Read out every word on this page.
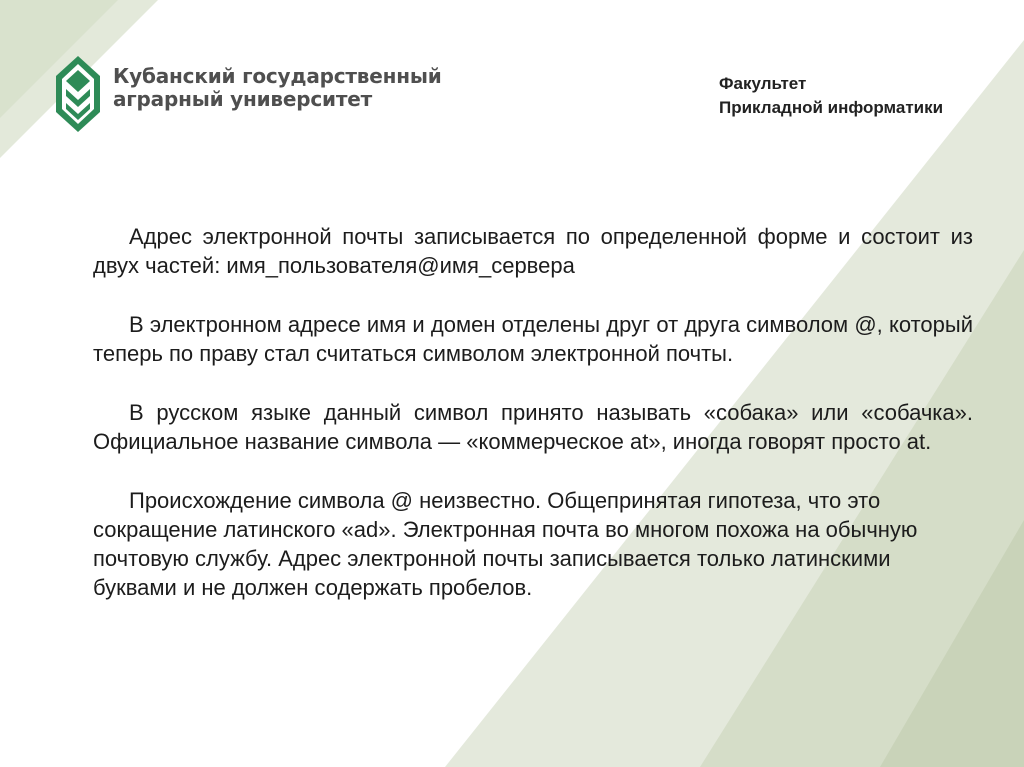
Кубанский государственный
аграрный университет
Факультет
Прикладной информатики

Адрес электронной почты записывается по определенной форме и состоит из двух частей: имя_пользователя@имя_сервера

В электронном адресе имя и домен отделены друг от друга символом @, который теперь по праву стал считаться символом электронной почты.

В русском языке данный символ принято называть «собака» или «собачка». Официальное название символа — «коммерческое at», иногда говорят просто at.

Происхождение символа @ неизвестно. Общепринятая гипотеза, что это сокращение латинского «ad». Электронная почта во многом похожа на обычную почтовую службу. Адрес электронной почты записывается только латинскими буквами и не должен содержать пробелов.
